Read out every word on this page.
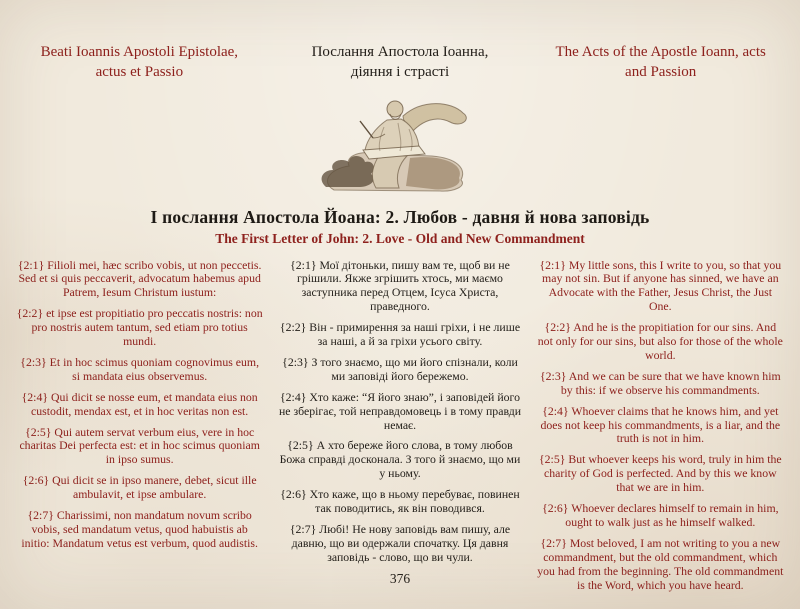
Beati Ioannis Apostoli Epistolae, actus et Passio
Послання Апостола Іоанна, діяння і страсті
The Acts of the Apostle Ioann, acts and Passion
І послання Апостола Йоана: 2. Любов - давня й нова заповідь
The First Letter of John: 2. Love - Old and New Commandment

{2:1} Filioli mei, hæc scribo vobis, ut non peccetis. Sed et si quis peccaverit, advocatum habemus apud Patrem, Iesum Christum iustum:

{2:2} et ipse est propitiatio pro peccatis nostris: non pro nostris autem tantum, sed etiam pro totius mundi.

{2:3} Et in hoc scimus quoniam cognovimus eum, si mandata eius observemus.

{2:4} Qui dicit se nosse eum, et mandata eius non custodit, mendax est, et in hoc veritas non est.

{2:5} Qui autem servat verbum eius, vere in hoc charitas Dei perfecta est: et in hoc scimus quoniam in ipso sumus.

{2:6} Qui dicit se in ipso manere, debet, sicut ille ambulavit, et ipse ambulare.

{2:7} Charissimi, non mandatum novum scribo vobis, sed mandatum vetus, quod habuistis ab initio: Mandatum vetus est verbum, quod audistis.

{2:1} Мої дітоньки, пишу вам те, щоб ви не грішили. Якже згрішить хтось, ми маємо заступника перед Отцем, Ісуса Христа, праведного.

{2:2} Він - примирення за наші гріхи, і не лише за наші, а й за гріхи усього світу.

{2:3} З того знаємо, що ми його спізнали, коли ми заповіді його бережемо.

{2:4} Хто каже: “Я його знаю”, і заповідей його не зберігає, той неправдомовець і в тому правди немає.

{2:5} А хто береже його слова, в тому любов Божа справді досконала. З того й знаємо, що ми у ньому.

{2:6} Хто каже, що в ньому перебуває, повинен так поводитись, як він поводився.

{2:7} Любі! Не нову заповідь вам пишу, але давню, що ви одержали спочатку. Ця давня заповідь - слово, що ви чули.

{2:1} My little sons, this I write to you, so that you may not sin. But if anyone has sinned, we have an Advocate with the Father, Jesus Christ, the Just One.

{2:2} And he is the propitiation for our sins. And not only for our sins, but also for those of the whole world.

{2:3} And we can be sure that we have known him by this: if we observe his commandments.

{2:4} Whoever claims that he knows him, and yet does not keep his commandments, is a liar, and the truth is not in him.

{2:5} But whoever keeps his word, truly in him the charity of God is perfected. And by this we know that we are in him.

{2:6} Whoever declares himself to remain in him, ought to walk just as he himself walked.

{2:7} Most beloved, I am not writing to you a new commandment, but the old commandment, which you had from the beginning. The old commandment is the Word, which you have heard.

376
